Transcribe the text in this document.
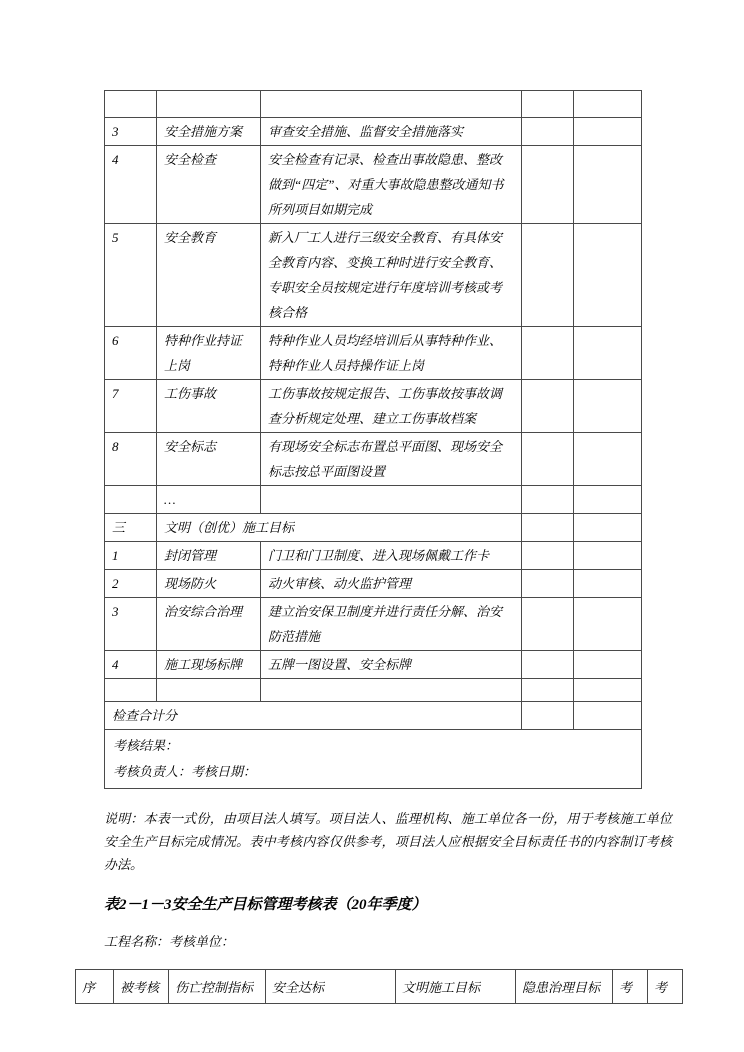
3	安全措施方案	审查安全措施、监督安全措施落实		
4	安全检查	安全检查有记录、检查出事故隐患、整改做到“四定”、对重大事故隐患整改通知书所列项目如期完成		
5	安全教育	新入厂工人进行三级安全教育、有具体安全教育内容、变换工种时进行安全教育、专职安全员按规定进行年度培训考核或考核合格		
6	特种作业持证上岗	特种作业人员均经培训后从事特种作业、特种作业人员持操作证上岗		
7	工伤事故	工伤事故按规定报告、工伤事故按事故调查分析规定处理、建立工伤事故档案		
8	安全标志	有现场安全标志布置总平面图、现场安全标志按总平面图设置		
	…			
三	文明（创优）施工目标			
1	封闭管理	门卫和门卫制度、进入现场佩戴工作卡		
2	现场防火	动火审核、动火监护管理		
3	治安综合治理	建立治安保卫制度并进行责任分解、治安防范措施		
4	施工现场标牌	五牌一图设置、安全标牌		

检查合计分				

考核结果：
考核负责人：考核日期：				

说明：本表一式份，由项目法人填写。项目法人、监理机构、施工单位各一份，用于考核施工单位安全生产目标完成情况。表中考核内容仅供参考，项目法人应根据安全目标责任书的内容制订考核办法。

表2－1－3安全生产目标管理考核表（20年季度）

工程名称：考核单位：

序	被考核	伤亡控制指标	安全达标	文明施工目标	隐患治理目标	考	考
